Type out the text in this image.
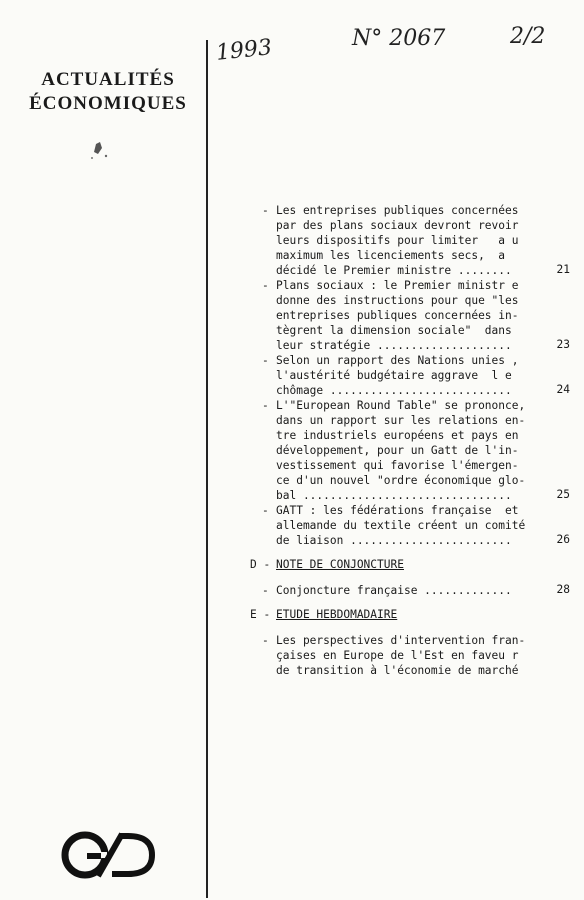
ACTUALITÉS
ÉCONOMIQUES
1993	N° 2067	2/2
- Les entreprises publiques concernées
par des plans sociaux devront revoir
leurs dispositifs pour limiter   a u
maximum les licenciements secs,  a
décidé le Premier ministre ........	21
- Plans sociaux : le Premier ministr e
donne des instructions pour que "les
entreprises publiques concernées in-
tègrent la dimension sociale"  dans
leur stratégie ....................	23
- Selon un rapport des Nations unies ,
l'austérité budgétaire aggrave  l e
chômage ...........................	24
- L'"European Round Table" se prononce,
dans un rapport sur les relations en-
tre industriels européens et pays en
développement, pour un Gatt de l'in-
vestissement qui favorise l'émergen-
ce d'un nouvel "ordre économique glo-
bal ...............................	25
- GATT : les fédérations française  et
allemande du textile créent un comité
de liaison ........................	26
D - NOTE DE CONJONCTURE
- Conjoncture française .............	28
E - ETUDE HEBDOMADAIRE
- Les perspectives d'intervention fran-
çaises en Europe de l'Est en faveu r
de transition à l'économie de marché
